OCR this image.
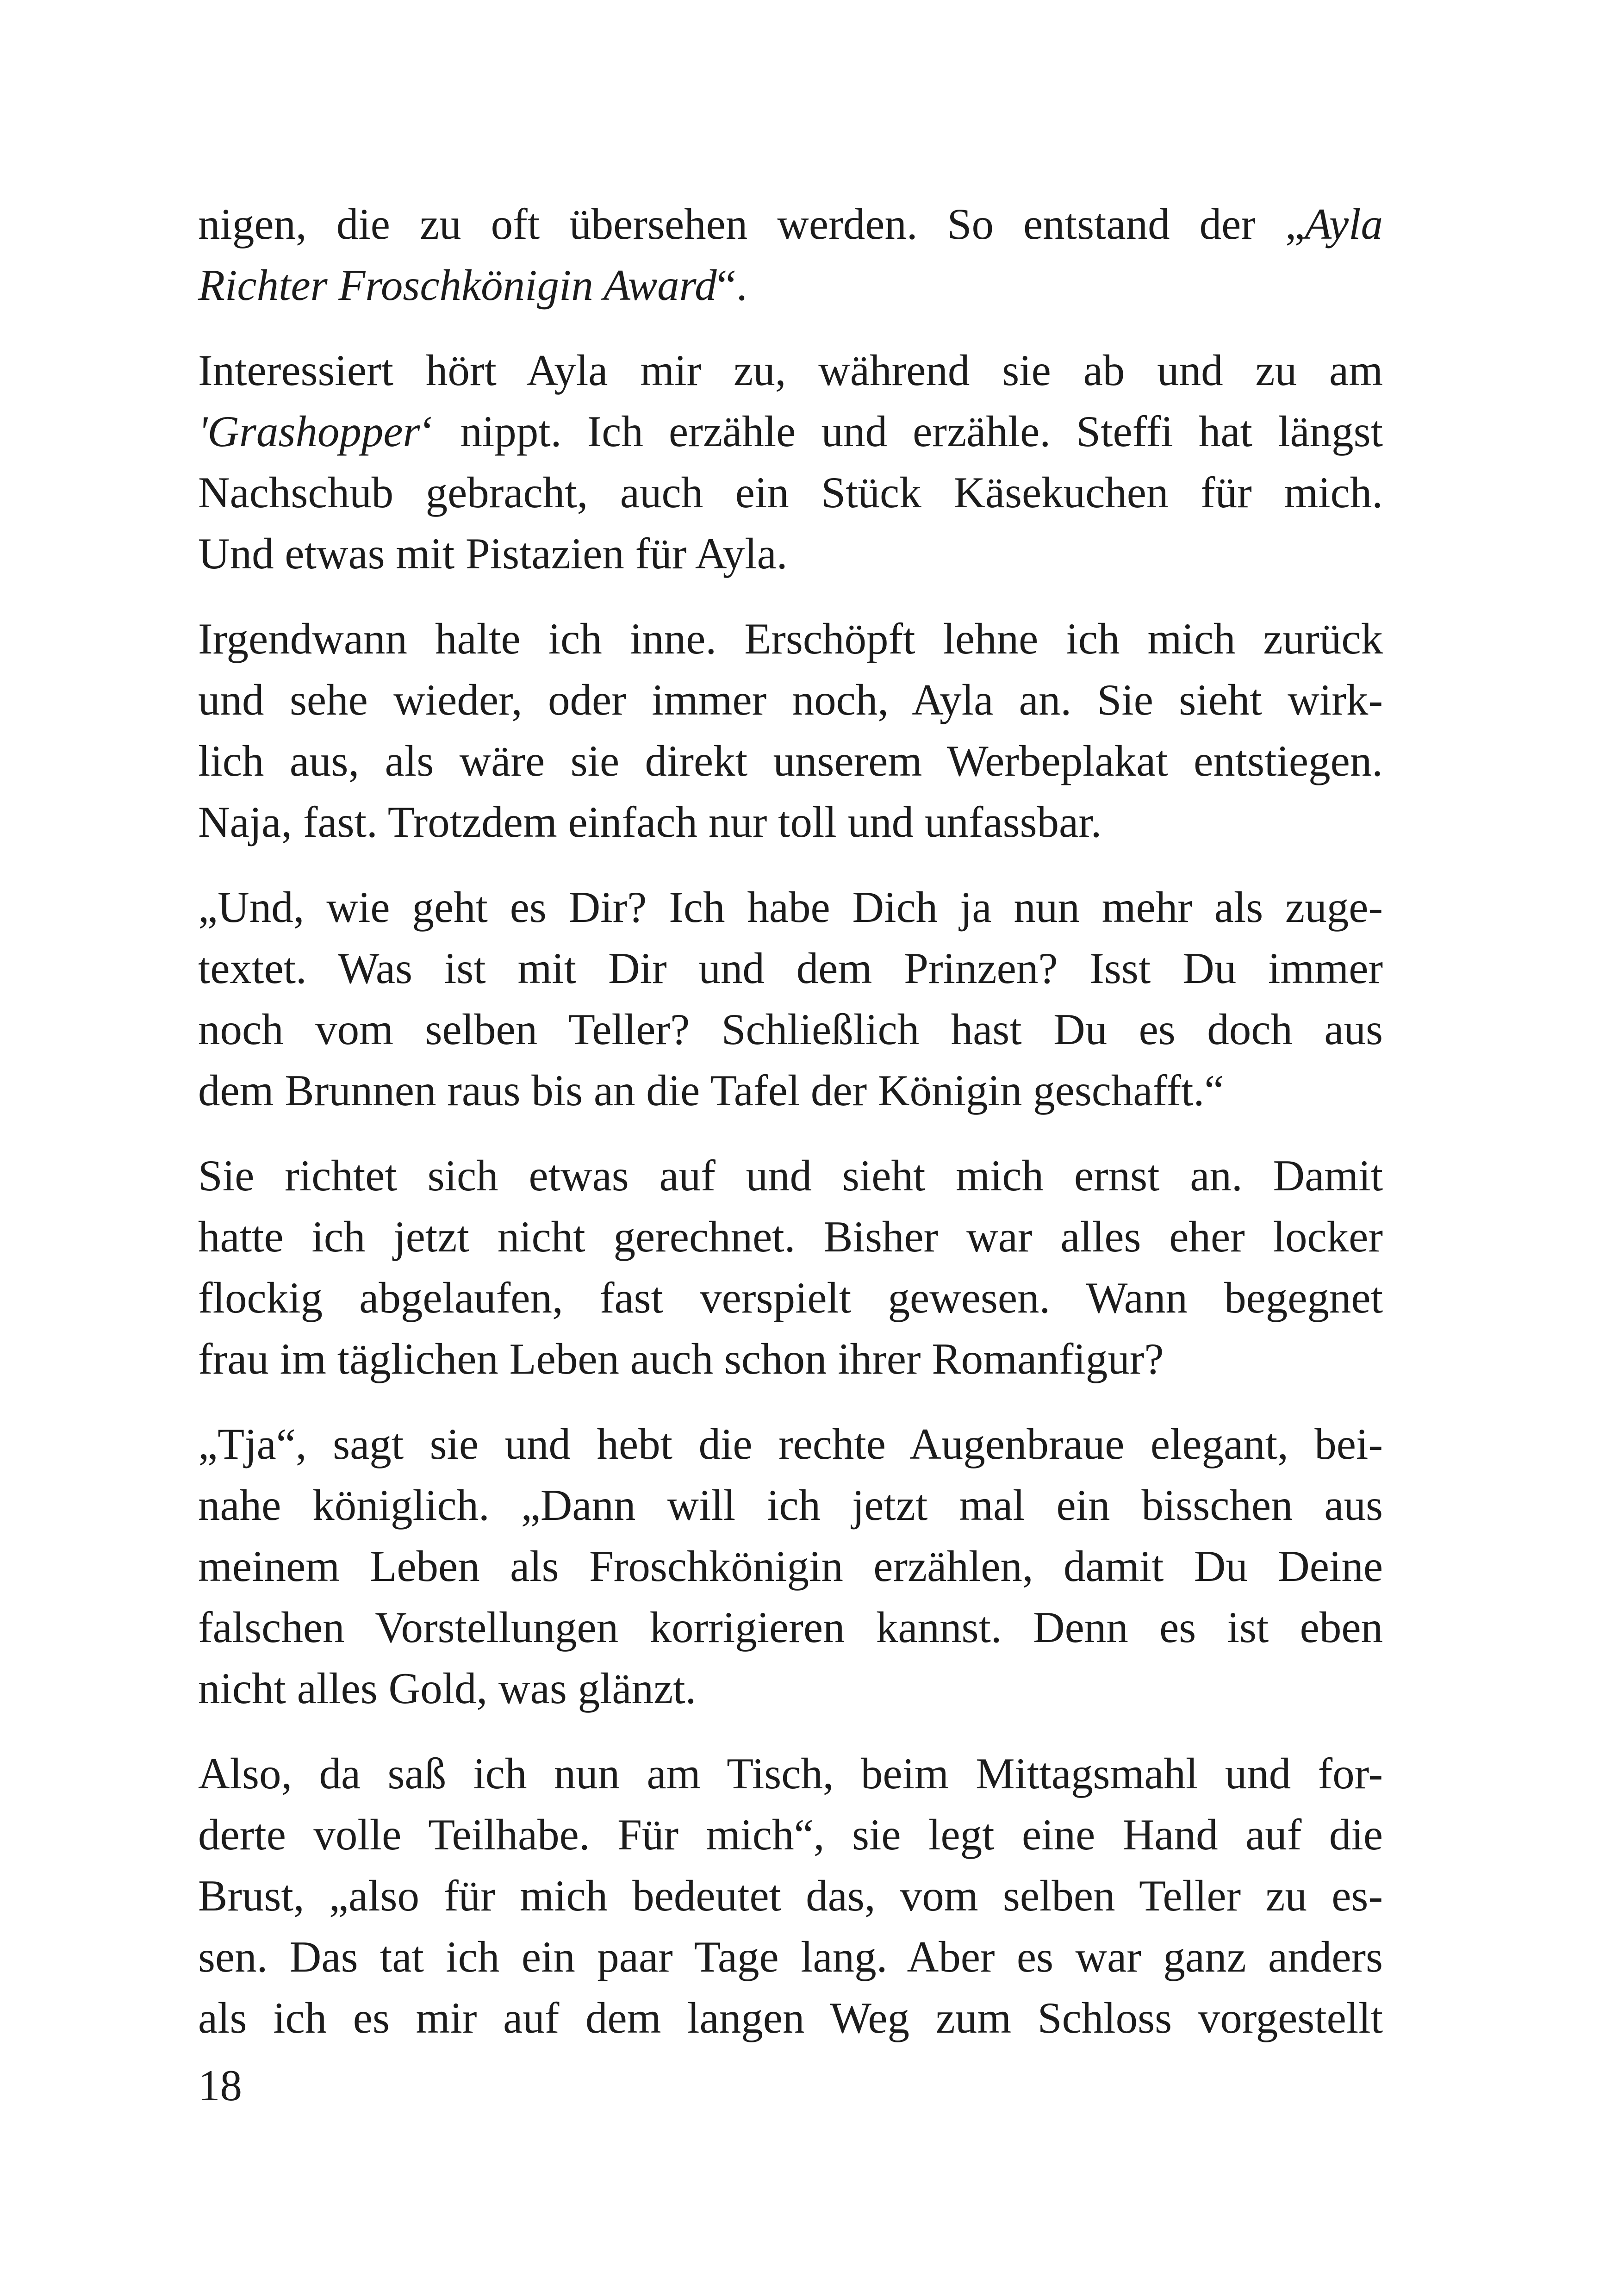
nigen, die zu oft übersehen werden. So entstand der „Ayla
Richter Froschkönigin Award“.
Interessiert hört Ayla mir zu, während sie ab und zu am
'Grashopper‘ nippt. Ich erzähle und erzähle. Steffi hat längst
Nachschub gebracht, auch ein Stück Käsekuchen für mich.
Und etwas mit Pistazien für Ayla.
Irgendwann halte ich inne. Erschöpft lehne ich mich zurück
und sehe wieder, oder immer noch, Ayla an. Sie sieht wirk-
lich aus, als wäre sie direkt unserem Werbeplakat entstiegen.
Naja, fast. Trotzdem einfach nur toll und unfassbar.
„Und, wie geht es Dir? Ich habe Dich ja nun mehr als zuge-
textet. Was ist mit Dir und dem Prinzen? Isst Du immer
noch vom selben Teller? Schließlich hast Du es doch aus
dem Brunnen raus bis an die Tafel der Königin geschafft.“
Sie richtet sich etwas auf und sieht mich ernst an. Damit
hatte ich jetzt nicht gerechnet. Bisher war alles eher locker
flockig abgelaufen, fast verspielt gewesen. Wann begegnet
frau im täglichen Leben auch schon ihrer Romanfigur?
„Tja“, sagt sie und hebt die rechte Augenbraue elegant, bei-
nahe königlich. „Dann will ich jetzt mal ein bisschen aus
meinem Leben als Froschkönigin erzählen, damit Du Deine
falschen Vorstellungen korrigieren kannst. Denn es ist eben
nicht alles Gold, was glänzt.
Also, da saß ich nun am Tisch, beim Mittagsmahl und for-
derte volle Teilhabe. Für mich“, sie legt eine Hand auf die
Brust, „also für mich bedeutet das, vom selben Teller zu es-
sen. Das tat ich ein paar Tage lang. Aber es war ganz anders
als ich es mir auf dem langen Weg zum Schloss vorgestellt
18
